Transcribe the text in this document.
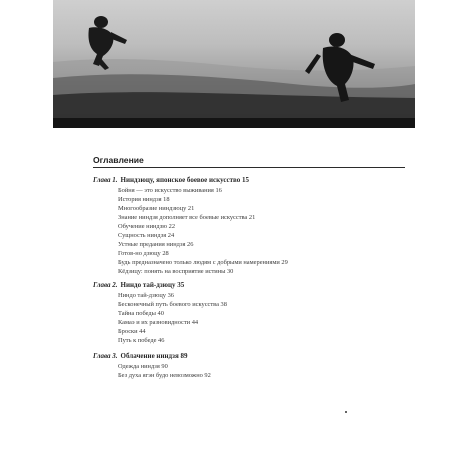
Оглавление
Глава 1. Ниндзюцу, японское боевое искусство 15
Бойня — это искусство выживания 16
История ниндзя 18
Многообразие ниндзюцу 21
Знание ниндзя дополняет все боевые искусства 21
Обучение ниндзю 22
Сущность ниндзя 24
Устные предания ниндзя 26
Готов-но дзюцу 28
Будь предназначено только людям с добрыми намерениями 29
Кёдзицу: понять на восприятие истины 30
Глава 2. Ниндо тай-дзюцу 35
Ниндо тай-дзюцу 36
Бесконечный путь боевого искусства 38
Тайна победы 40
Камаэ и их разновидности 44
Броски 44
Путь к победе 46
Глава 3. Облачение ниндзя 89
Одежда ниндзя 90
Без духа ягэн будо невозможно 92
